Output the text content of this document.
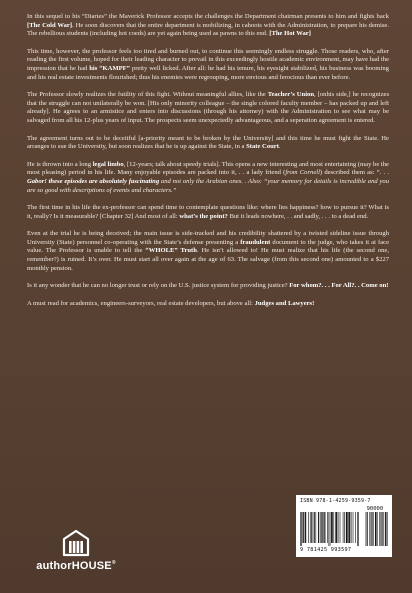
In this sequel to his “Diaries” the Maverick Professor accepts the challenges the Department chairman presents to him and fights back [The Cold War]. He soon discovers that the entire department is mobilizing, in cahoots with the Administration, to prepare his demise. The rebellious students (including hot coeds) are yet again being used as pawns to this end. [The Hot War]

This time, however, the professor feels too tired and burned out, to continue this seemingly endless struggle. Those readers, who, after reading the first volume, hoped for their leading character to prevail in this exceedingly hostile academic environment, may have had the impression that he had his “KAMPF” pretty well licked. After all: he had his tenure, his eyesight stabilized, his business was booming and his real estate investments flourished; thus his enemies were regrouping, more envious and ferocious than ever before.

The Professor slowly realizes the futility of this fight. Without meaningful allies, like the Teacher’s Union, [onhis side,] he recognizes that the struggle can not unilaterally be won. [His only minority colleague – the single colored faculty member – has packed up and left already]. He agrees to an armistice and enters into discussions (through his attorney) with the Administration to see what may be salvaged from all his 12-plus years of input. The prospects seem unexpectedly advantageous, and a seperation agreement is entered.

The agreement turns out to be deceitful [a-priority meant to be broken by the University] and this time he must fight the State. He arranges to sue the University, but soon realizes that he is up against the State, in a State Court.

He is thrown into a long legal limbo, [12-years; talk about speedy trials]. This opens a new interesting and most entertaining (may be the most pleasing) period in his life. Many enjoyable episodes are packed into it, . . a lady friend (from Cornell) described them as: “. . . Gabor! these episodes are absolutely fascinating and not only the Arabian ones. . Also: “your memory for details is incredible and you are so good with descriptions of events and characters.”

The first time in his life the ex-professor can spend time to contemplate questions like: where lies happiness? how to pursue it? What is it, really? Is it measurable? [Chapter 32] And most of all: what’s the point? But it leads nowhere, . . and sadly, . . . to a dead end.

Even at the trial he is being deceived; the main issue is side-tracked and his credibility shattered by a twisted sideline issue through University (State) personnel co-operating with the State’s defense presenting a fraudulent document to the judge, who takes it at face value. The Professor is unable to tell the “WHOLE” Truth. He isn’t allowed to! He must realize that his life (the second one, remember?) is ruined. It’s over. He must start all over again at the age of 63. The salvage (from this second one) amounted to a $227 monthly pension.

Is it any wonder that he can no longer trust or rely on the U.S. justice system for providing justice? For whom?. . . For All?. . Come on!

A must read for academics, engineers-surveyors, real estate developers, but above all: Judges and Lawyers!

authorHOUSE®
ISBN 978-1-4259-9359-7
90000
9 781425 993597
